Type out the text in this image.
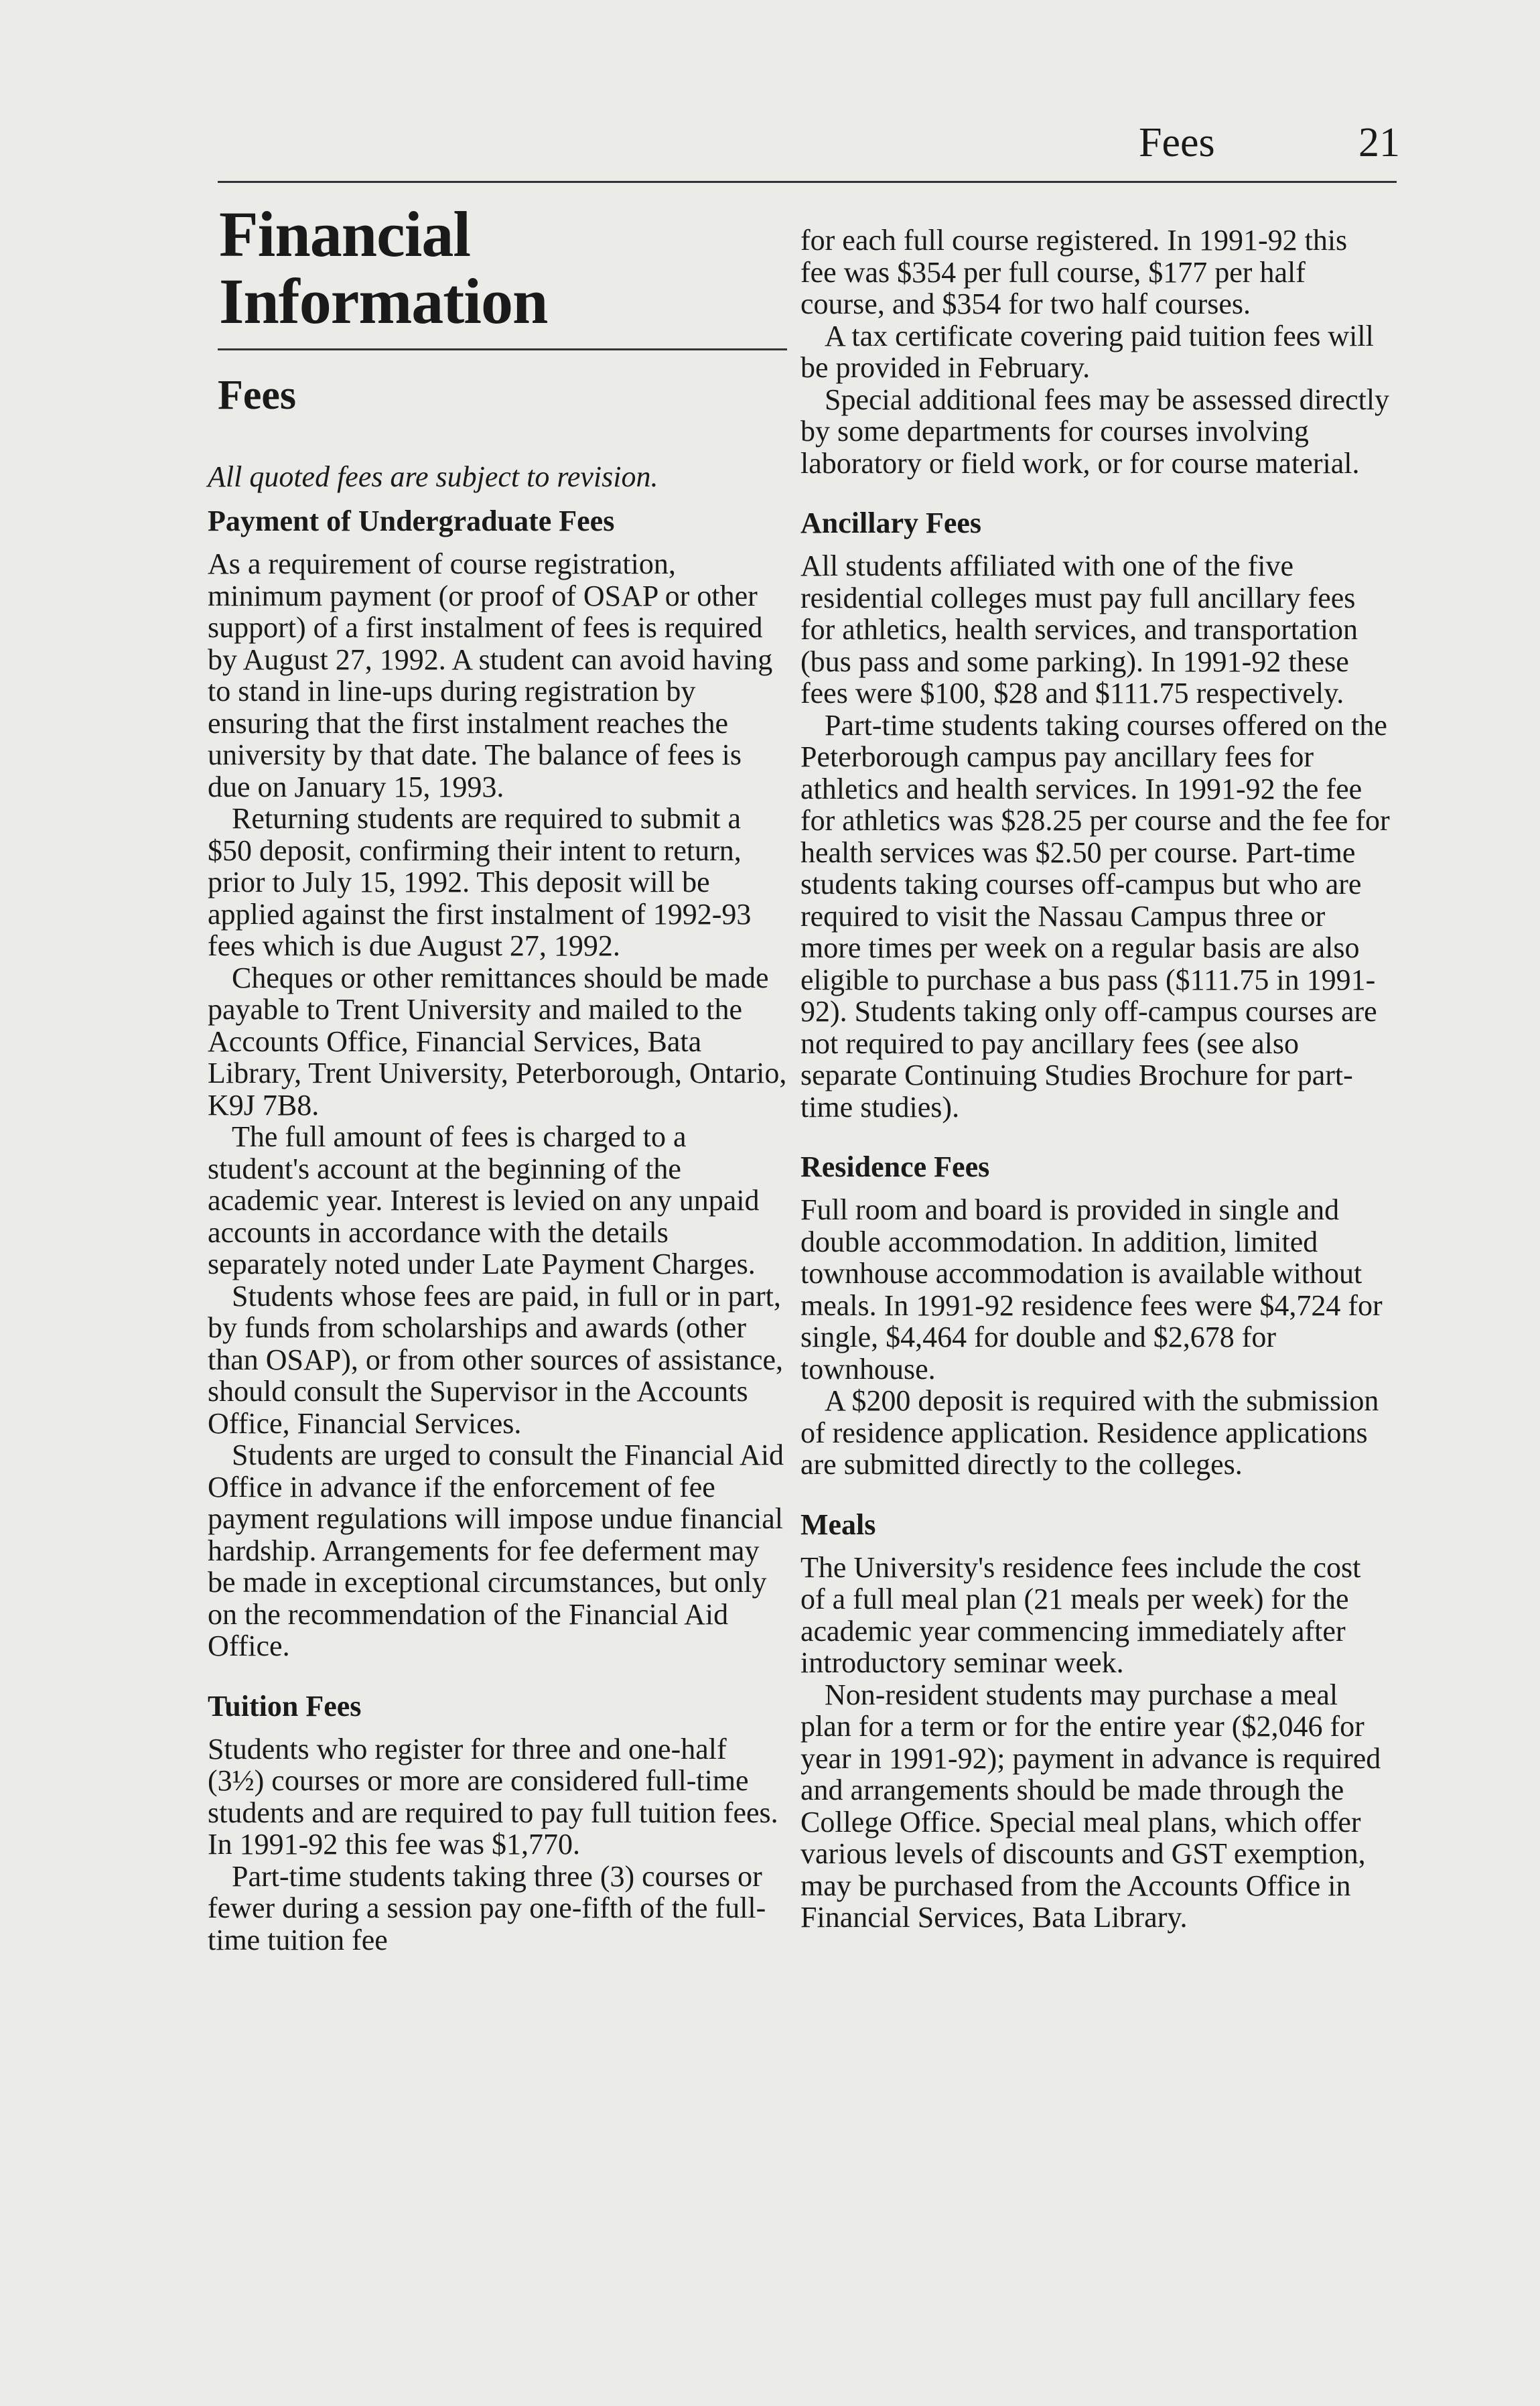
Fees	21
Financial Information
Fees
All quoted fees are subject to revision.
Payment of Undergraduate Fees

As a requirement of course registration, minimum payment (or proof of OSAP or other support) of a first instalment of fees is required by August 27, 1992. A student can avoid having to stand in line-ups during registration by ensuring that the first instalment reaches the university by that date. The balance of fees is due on January 15, 1993.

Returning students are required to submit a $50 deposit, confirming their intent to return, prior to July 15, 1992. This deposit will be applied against the first instalment of 1992-93 fees which is due August 27, 1992.

Cheques or other remittances should be made payable to Trent University and mailed to the Accounts Office, Financial Services, Bata Library, Trent University, Peterborough, Ontario, K9J 7B8.

The full amount of fees is charged to a student's account at the beginning of the academic year. Interest is levied on any unpaid accounts in accordance with the details separately noted under Late Payment Charges.

Students whose fees are paid, in full or in part, by funds from scholarships and awards (other than OSAP), or from other sources of assistance, should consult the Supervisor in the Accounts Office, Financial Services.

Students are urged to consult the Financial Aid Office in advance if the enforcement of fee payment regulations will impose undue financial hardship. Arrangements for fee deferment may be made in exceptional circumstances, but only on the recommendation of the Financial Aid Office.

Tuition Fees

Students who register for three and one-half (3½) courses or more are considered full-time students and are required to pay full tuition fees. In 1991-92 this fee was $1,770.

Part-time students taking three (3) courses or fewer during a session pay one-fifth of the full-time tuition fee

for each full course registered. In 1991-92 this fee was $354 per full course, $177 per half course, and $354 for two half courses.

A tax certificate covering paid tuition fees will be provided in February.

Special additional fees may be assessed directly by some departments for courses involving laboratory or field work, or for course material.

Ancillary Fees

All students affiliated with one of the five residential colleges must pay full ancillary fees for athletics, health services, and transportation (bus pass and some parking). In 1991-92 these fees were $100, $28 and $111.75 respectively.

Part-time students taking courses offered on the Peterborough campus pay ancillary fees for athletics and health services. In 1991-92 the fee for athletics was $28.25 per course and the fee for health services was $2.50 per course. Part-time students taking courses off-campus but who are required to visit the Nassau Campus three or more times per week on a regular basis are also eligible to purchase a bus pass ($111.75 in 1991-92). Students taking only off-campus courses are not required to pay ancillary fees (see also separate Continuing Studies Brochure for part-time studies).

Residence Fees

Full room and board is provided in single and double accommodation. In addition, limited townhouse accommodation is available without meals. In 1991-92 residence fees were $4,724 for single, $4,464 for double and $2,678 for townhouse.

A $200 deposit is required with the submission of residence application. Residence applications are submitted directly to the colleges.

Meals

The University's residence fees include the cost of a full meal plan (21 meals per week) for the academic year commencing immediately after introductory seminar week.

Non-resident students may purchase a meal plan for a term or for the entire year ($2,046 for year in 1991-92); payment in advance is required and arrangements should be made through the College Office. Special meal plans, which offer various levels of discounts and GST exemption, may be purchased from the Accounts Office in Financial Services, Bata Library.
